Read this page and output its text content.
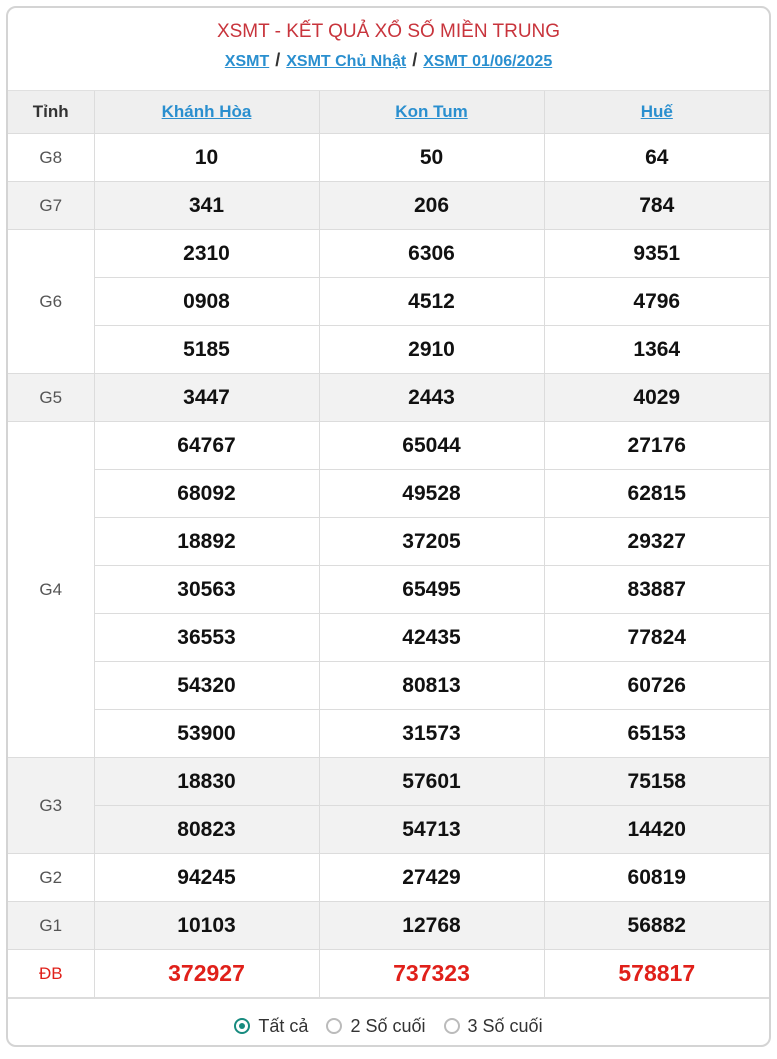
XSMT - KẾT QUẢ XỔ SỐ MIỀN TRUNG
XSMT / XSMT Chủ Nhật / XSMT 01/06/2025
Tỉnh	Khánh Hòa	Kon Tum	Huế
G8	10	50	64
G7	341	206	784
G6	2310	6306	9351
	0908	4512	4796
	5185	2910	1364
G5	3447	2443	4029
G4	64767	65044	27176
	68092	49528	62815
	18892	37205	29327
	30563	65495	83887
	36553	42435	77824
	54320	80813	60726
	53900	31573	65153
G3	18830	57601	75158
	80823	54713	14420
G2	94245	27429	60819
G1	10103	12768	56882
ĐB	372927	737323	578817
Tất cả 2 Số cuối 3 Số cuối
